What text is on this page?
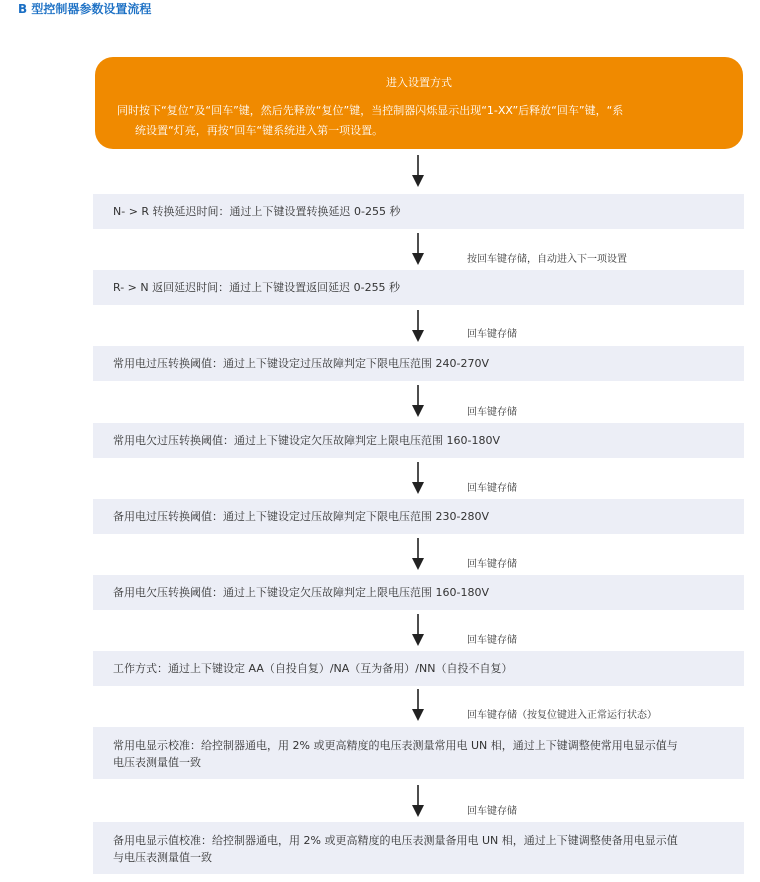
B 型控制器参数设置流程
进入设置方式
同时按下“复位”及“回车”键，然后先释放“复位”键，当控制器闪烁显示出现“1-XX”后释放“回车”键，“系
统设置“灯亮，再按”回车“键系统进入第一项设置。
N- > R 转换延迟时间：通过上下键设置转换延迟 0-255 秒
按回车键存储，自动进入下一项设置
R- > N 返回延迟时间：通过上下键设置返回延迟 0-255 秒
回车键存储
常用电过压转换阈值：通过上下键设定过压故障判定下限电压范围 240-270V
回车键存储
常用电欠过压转换阈值：通过上下键设定欠压故障判定上限电压范围 160-180V
回车键存储
备用电过压转换阈值：通过上下键设定过压故障判定下限电压范围 230-280V
回车键存储
备用电欠压转换阈值：通过上下键设定欠压故障判定上限电压范围 160-180V
回车键存储
工作方式：通过上下键设定 AA（自投自复）/NA（互为备用）/NN（自投不自复）
回车键存储（按复位键进入正常运行状态）
常用电显示校准：给控制器通电，用 2% 或更高精度的电压表测量常用电 UN 相，通过上下键调整使常用电显示值与
电压表测量值一致
回车键存储
备用电显示值校准：给控制器通电，用 2% 或更高精度的电压表测量备用电 UN 相，通过上下键调整使备用电显示值
与电压表测量值一致
